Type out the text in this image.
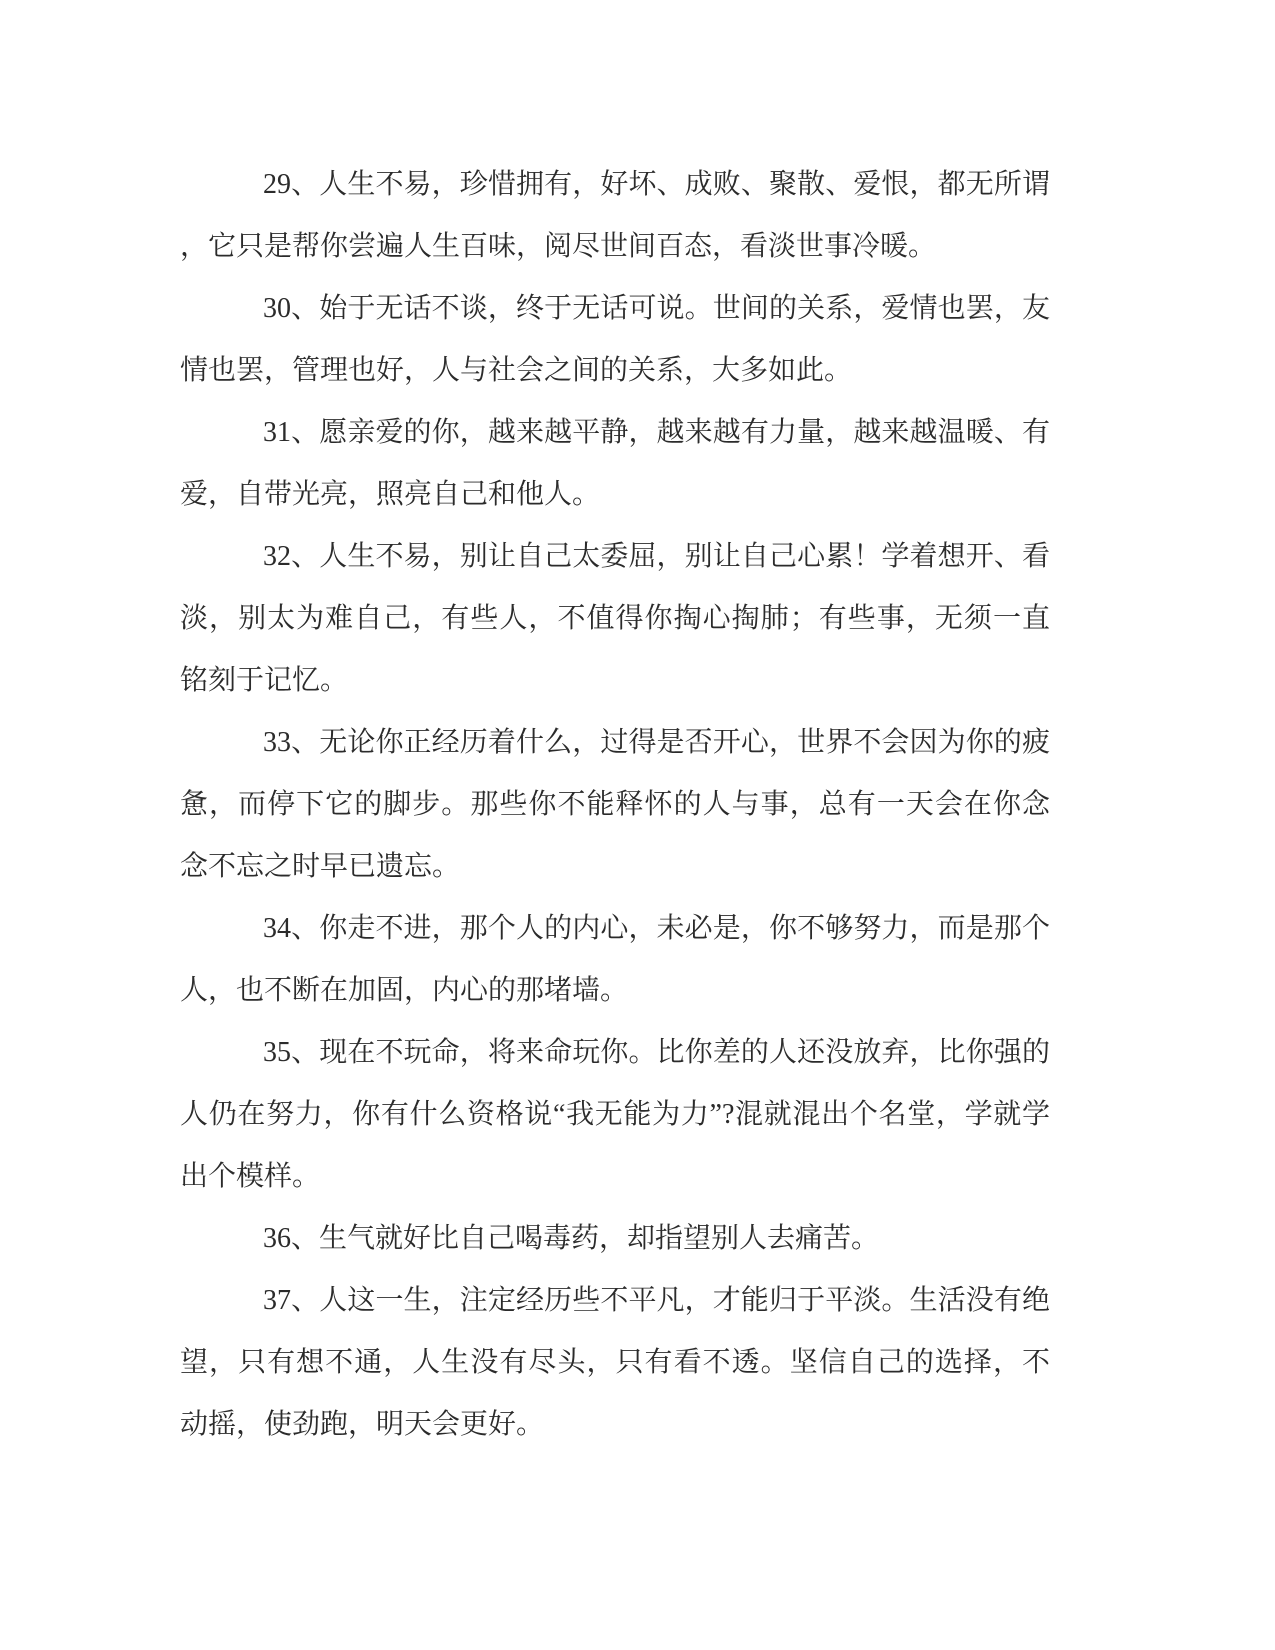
29、人生不易，珍惜拥有，好坏、成败、聚散、爱恨，都无所谓
，它只是帮你尝遍人生百味，阅尽世间百态，看淡世事冷暖。
30、始于无话不谈，终于无话可说。世间的关系，爱情也罢，友
情也罢，管理也好，人与社会之间的关系，大多如此。
31、愿亲爱的你，越来越平静，越来越有力量，越来越温暖、有
爱，自带光亮，照亮自己和他人。
32、人生不易，别让自己太委屈，别让自己心累！学着想开、看
淡，别太为难自己，有些人，不值得你掏心掏肺；有些事，无须一直
铭刻于记忆。
33、无论你正经历着什么，过得是否开心，世界不会因为你的疲
惫，而停下它的脚步。那些你不能释怀的人与事，总有一天会在你念
念不忘之时早已遗忘。
34、你走不进，那个人的内心，未必是，你不够努力，而是那个
人，也不断在加固，内心的那堵墙。
35、现在不玩命，将来命玩你。比你差的人还没放弃，比你强的
人仍在努力，你有什么资格说“我无能为力”?混就混出个名堂，学就学
出个模样。
36、生气就好比自己喝毒药，却指望别人去痛苦。
37、人这一生，注定经历些不平凡，才能归于平淡。生活没有绝
望，只有想不通，人生没有尽头，只有看不透。坚信自己的选择，不
动摇，使劲跑，明天会更好。
